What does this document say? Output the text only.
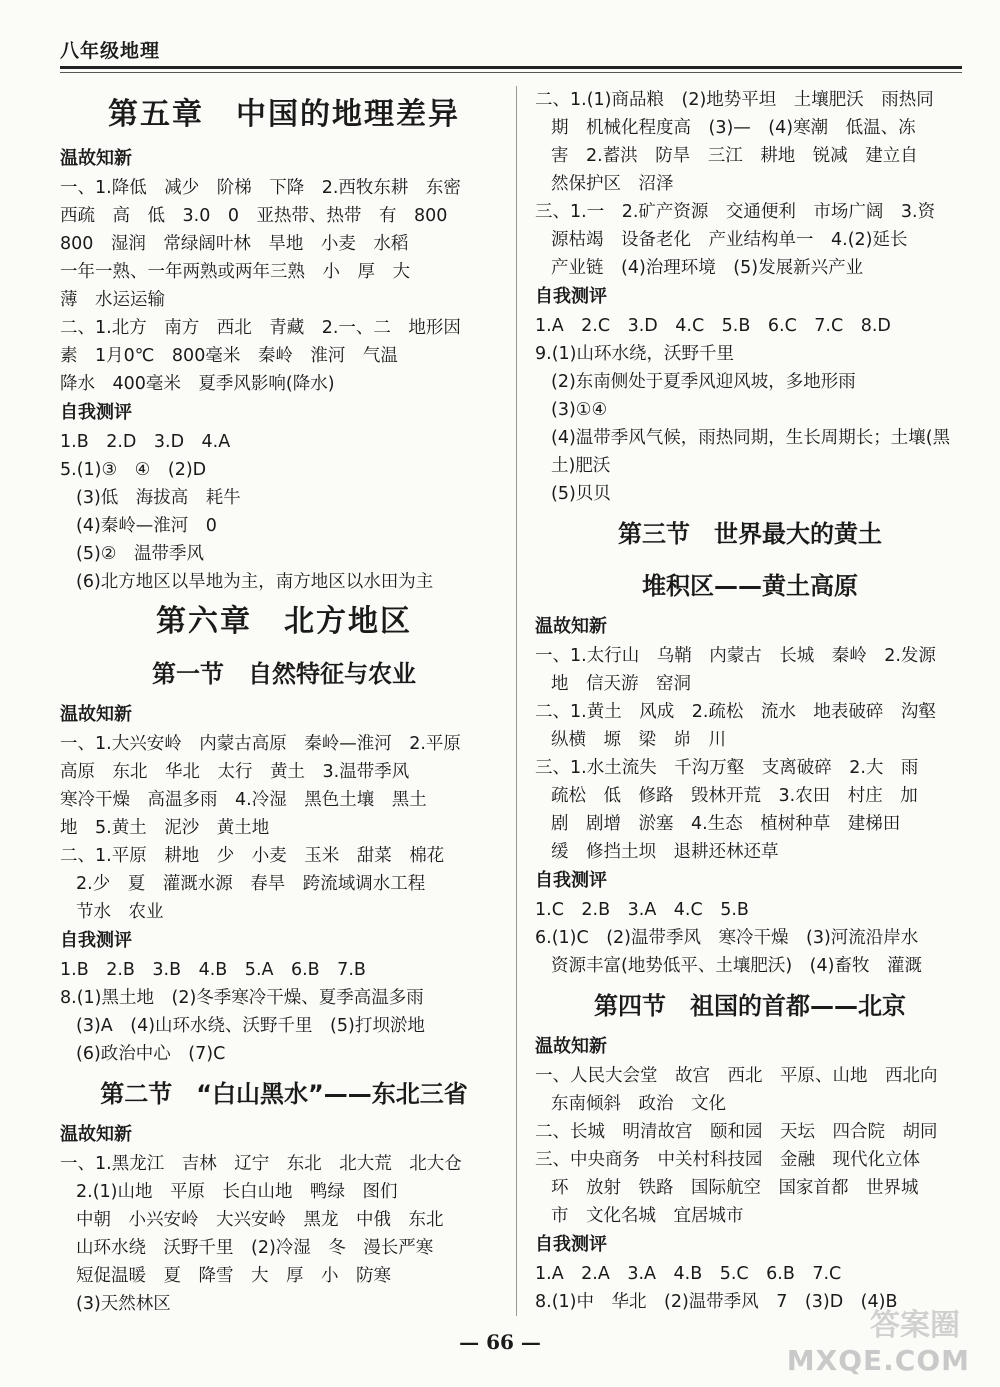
八年级地理
第五章　中国的地理差异
温故知新
一、1.降低　减少　阶梯　下降　2.西牧东耕　东密
西疏　高　低　3.0　0　亚热带、热带　有　800
800　湿润　常绿阔叶林　旱地　小麦　水稻
一年一熟、一年两熟或两年三熟　小　厚　大
薄　水运运输
二、1.北方　南方　西北　青藏　2.一、二　地形因
素　1月0℃　800毫米　秦岭　淮河　气温
降水　400毫米　夏季风影响(降水)
自我测评
1.B　2.D　3.D　4.A
5.(1)③　④　(2)D
(3)低　海拔高　耗牛
(4)秦岭—淮河　0
(5)②　温带季风
(6)北方地区以旱地为主，南方地区以水田为主
第六章　北方地区
第一节　自然特征与农业
温故知新
一、1.大兴安岭　内蒙古高原　秦岭—淮河　2.平原
高原　东北　华北　太行　黄土　3.温带季风
寒冷干燥　高温多雨　4.冷湿　黑色土壤　黑土
地　5.黄土　泥沙　黄土地
二、1.平原　耕地　少　小麦　玉米　甜菜　棉花
2.少　夏　灌溉水源　春旱　跨流域调水工程
节水　农业
自我测评
1.B　2.B　3.B　4.B　5.A　6.B　7.B
8.(1)黑土地　(2)冬季寒冷干燥、夏季高温多雨
(3)A　(4)山环水绕、沃野千里　(5)打坝淤地
(6)政治中心　(7)C
第二节　“白山黑水”——东北三省
温故知新
一、1.黑龙江　吉林　辽宁　东北　北大荒　北大仓
2.(1)山地　平原　长白山地　鸭绿　图们
中朝　小兴安岭　大兴安岭　黑龙　中俄　东北
山环水绕　沃野千里　(2)冷湿　冬　漫长严寒
短促温暖　夏　降雪　大　厚　小　防寒
(3)天然林区
二、1.(1)商品粮　(2)地势平坦　土壤肥沃　雨热同
期　机械化程度高　(3)—　(4)寒潮　低温、冻
害　2.蓄洪　防旱　三江　耕地　锐减　建立自
然保护区　沼泽
三、1.一　2.矿产资源　交通便利　市场广阔　3.资
源枯竭　设备老化　产业结构单一　4.(2)延长
产业链　(4)治理环境　(5)发展新兴产业
自我测评
1.A　2.C　3.D　4.C　5.B　6.C　7.C　8.D
9.(1)山环水绕，沃野千里
(2)东南侧处于夏季风迎风坡，多地形雨
(3)①④
(4)温带季风气候，雨热同期，生长周期长；土壤(黑
土)肥沃
(5)贝贝
第三节　世界最大的黄土
堆积区——黄土高原
温故知新
一、1.太行山　乌鞘　内蒙古　长城　秦岭　2.发源
地　信天游　窑洞
二、1.黄土　风成　2.疏松　流水　地表破碎　沟壑
纵横　塬　梁　峁　川
三、1.水土流失　千沟万壑　支离破碎　2.大　雨
疏松　低　修路　毁林开荒　3.农田　村庄　加
剧　剧增　淤塞　4.生态　植树种草　建梯田
缓　修挡土坝　退耕还林还草
自我测评
1.C　2.B　3.A　4.C　5.B
6.(1)C　(2)温带季风　寒冷干燥　(3)河流沿岸水
资源丰富(地势低平、土壤肥沃)　(4)畜牧　灌溉
第四节　祖国的首都——北京
温故知新
一、人民大会堂　故宫　西北　平原、山地　西北向
东南倾斜　政治　文化
二、长城　明清故宫　颐和园　天坛　四合院　胡同
三、中央商务　中关村科技园　金融　现代化立体
环　放射　铁路　国际航空　国家首都　世界城
市　文化名城　宜居城市
自我测评
1.A　2.A　3.A　4.B　5.C　6.B　7.C
8.(1)中　华北　(2)温带季风　7　(3)D　(4)B
— 66 —	答案圈
MXQE.COM
